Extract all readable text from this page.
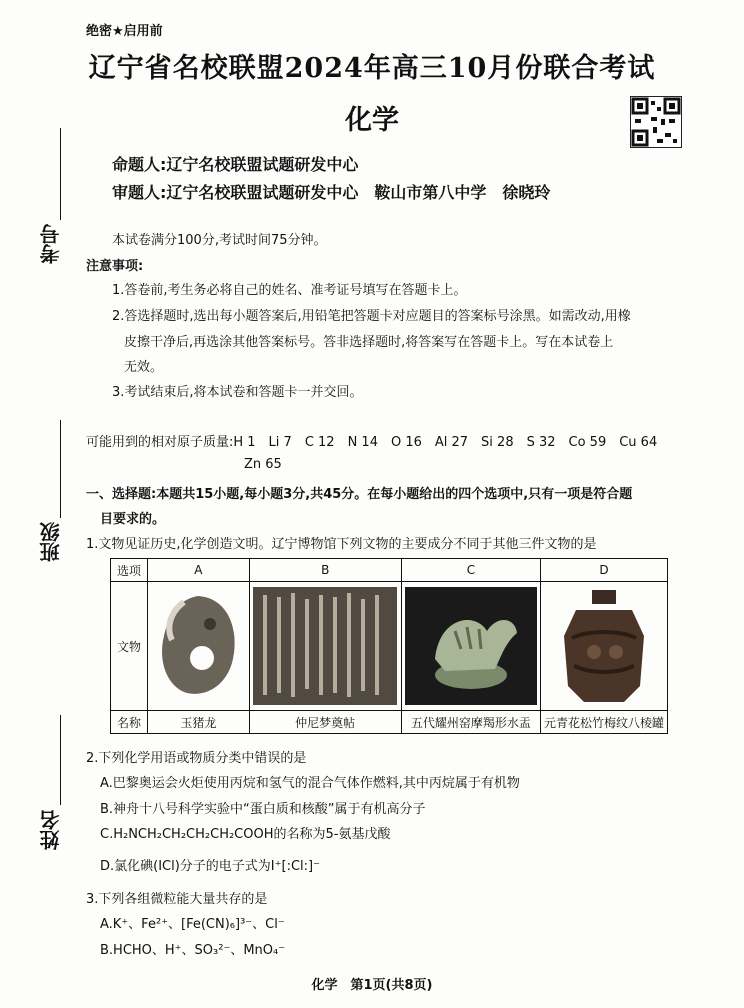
绝密★启用前
辽宁省名校联盟2024年高三10月份联合考试
化学
命题人:辽宁名校联盟试题研发中心
审题人:辽宁名校联盟试题研发中心　鞍山市第八中学　徐晓玲
考号
班级
姓名
本试卷满分100分,考试时间75分钟。
注意事项:
1.答卷前,考生务必将自己的姓名、准考证号填写在答题卡上。
2.答选择题时,选出每小题答案后,用铅笔把答题卡对应题目的答案标号涂黑。如需改动,用橡
皮擦干净后,再选涂其他答案标号。答非选择题时,将答案写在答题卡上。写在本试卷上
无效。
3.考试结束后,将本试卷和答题卡一并交回。
可能用到的相对原子质量:H 1　Li 7　C 12　N 14　O 16　Al 27　Si 28　S 32　Co 59　Cu 64
Zn 65
一、选择题:本题共15小题,每小题3分,共45分。在每小题给出的四个选项中,只有一项是符合题
目要求的。
1.文物见证历史,化学创造文明。辽宁博物馆下列文物的主要成分不同于其他三件文物的是
选项	A	B	C	D
文物	

名称	玉猪龙	仲尼梦奠帖	五代耀州窑摩羯形水盂	元青花松竹梅纹八棱罐
2.下列化学用语或物质分类中错误的是
A.巴黎奥运会火炬使用丙烷和氢气的混合气体作燃料,其中丙烷属于有机物
B.神舟十八号科学实验中“蛋白质和核酸”属于有机高分子
C.H₂NCH₂CH₂CH₂CH₂COOH的名称为5-氨基戊酸
D.氯化碘(ICl)分子的电子式为I⁺[:Cl:]⁻
3.下列各组微粒能大量共存的是
A.K⁺、Fe²⁺、[Fe(CN)₆]³⁻、Cl⁻
B.HCHO、H⁺、SO₃²⁻、MnO₄⁻
化学　第1页(共8页)
